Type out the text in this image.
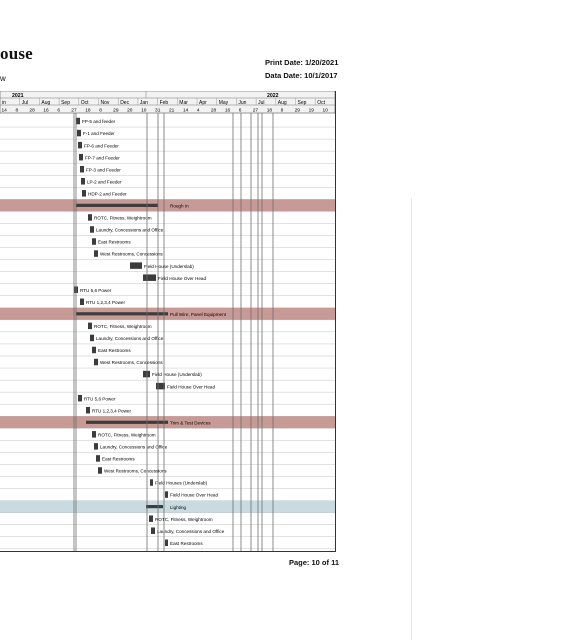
ouse
w
Print Date: 1/20/2021
Data Date: 10/1/2017
2021	2022
in	Jul	Aug Sep Oct Nov Dec Jan Feb Mar Apr May Jun Jul	Aug Sep Oct
14 8 28 16 6 27 18 8 29 20 10 31 21 14 4 28 16 6 27 18 8 29 19 10
FP-5 and feeder
F-1 and Feeder
FP-6 and Feeder
FP-7 and Feeder
FP-3 and Feeder
LP-2 and Feeder
HDP-2 and Feeder
Rough In
ROTC, Fitness, Weightroom
Laundry, Concessions and Office
East Restrooms
West Restrooms, Concessions
Field House (Underslab)
Field House Over Head
RTU 5,6 Power
RTU 1,2,3,4 Power
Pull Wire, Panel Equipment
ROTC, Fitness, Weightroom
Laundry, Concessions and Office
East Restrooms
West Restrooms, Concessions
Field House (Underslab)
Field House Over Head
RTU 5,6 Power
RTU 1,2,3,4 Power
Trim & Test Devices
ROTC, Fitness, Weightroom
Laundry, Concessions and Office
East Restrooms
West Restrooms, Concessions
Field Houses (Underslab)
Field House Over Head
Lighting
ROTC, Fitness, Weightroom
Laundry, Concessions and Office
East Restrooms
Page: 10 of 11
